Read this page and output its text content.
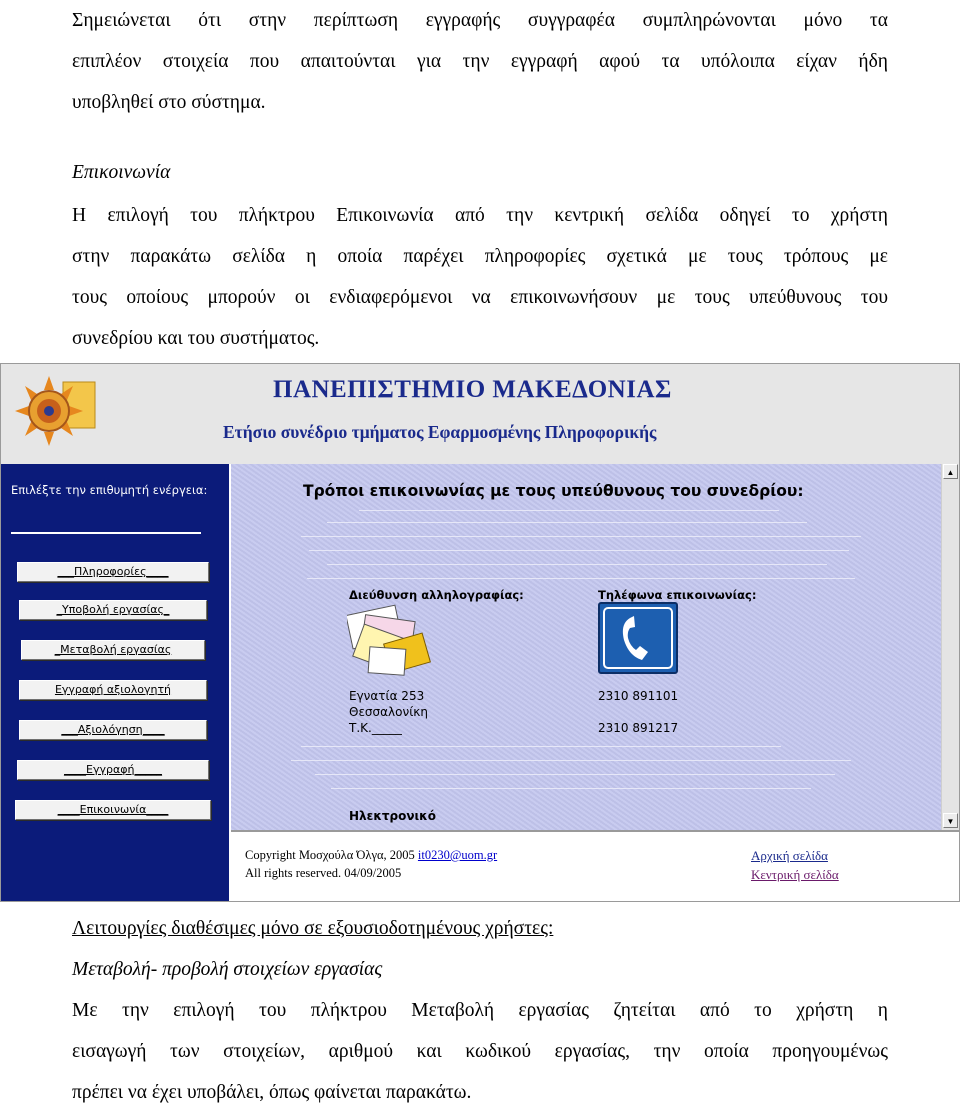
Σημειώνεται ότι στην περίπτωση εγγραφής συγγραφέα συμπληρώνονται μόνο τα
επιπλέον στοιχεία που απαιτούνται για την εγγραφή αφού τα υπόλοιπα είχαν ήδη
υποβληθεί στο σύστημα.
Επικοινωνία
Η επιλογή του πλήκτρου Επικοινωνία από την κεντρική σελίδα οδηγεί το χρήστη
στην παρακάτω σελίδα η οποία παρέχει πληροφορίες σχετικά με τους τρόπους με
τους οποίους μπορούν οι ενδιαφερόμενοι να επικοινωνήσουν με τους υπεύθυνους του
συνεδρίου και του συστήματος.
ΠΑΝΕΠΙΣΤΗΜΙΟ ΜΑΚΕΔΟΝΙΑΣ
Ετήσιο συνέδριο τμήματος Εφαρμοσμένης Πληροφορικής
Επιλέξτε την επιθυμητή ενέργεια:
___Πληροφορίες____
_Υποβολή εργασίας_
_Μεταβολή εργασίας
Εγγραφή αξιολογητή
___Αξιολόγηση____
____Εγγραφή_____
____Επικοινωνία____
Τρόποι επικοινωνίας με τους υπεύθυνους του συνεδρίου:
Διεύθυνση αλληλογραφίας:	Τηλέφωνα επικοινωνίας:
Εγνατία 253
Θεσσαλονίκη
Τ.Κ._____
2310 891101
2310 891217
Ηλεκτρονικό
▲
▼
Copyright Μοσχούλα Όλγα, 2005 it0230@uom.gr
All rights reserved. 04/09/2005
Αρχική σελίδα
Κεντρική σελίδα
Λειτουργίες διαθέσιμες μόνο σε εξουσιοδοτημένους χρήστες:
Μεταβολή- προβολή στοιχείων εργασίας
Με την επιλογή του πλήκτρου Μεταβολή εργασίας ζητείται από το χρήστη η
εισαγωγή των στοιχείων, αριθμού και κωδικού εργασίας, την οποία προηγουμένως
πρέπει να έχει υποβάλει, όπως φαίνεται παρακάτω.
